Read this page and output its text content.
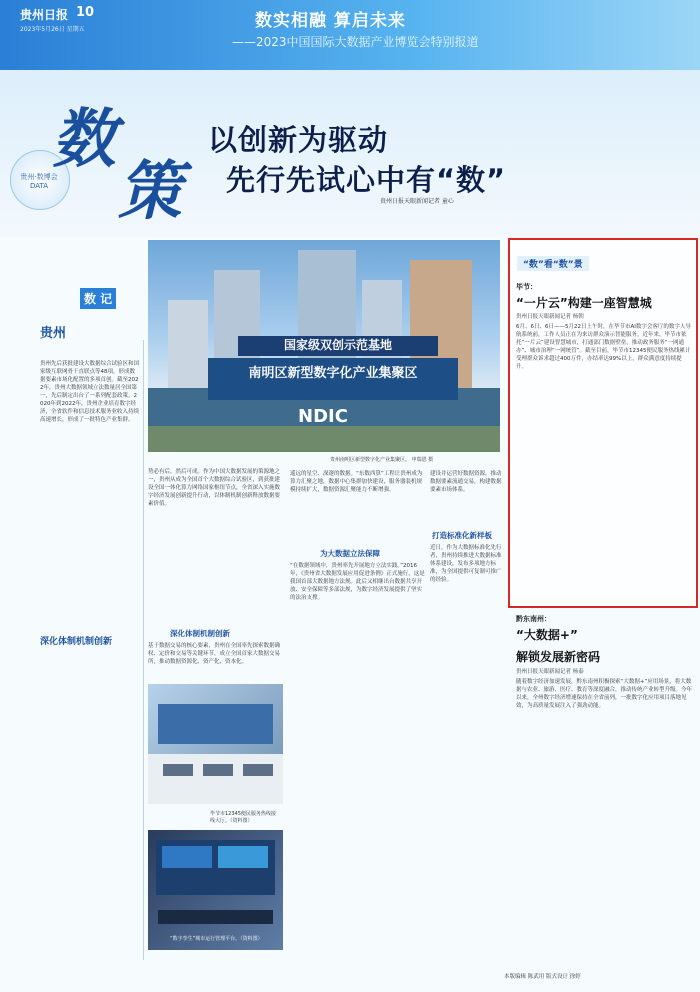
贵州日报 10
2023年5月26日 星期五	数实相融 算启未来
——2023中国国际大数据产业博览会特别报道
贵州·数博会 DATA
数
策
以创新为驱动
先行先试心中有“数”
贵州日报天眼新闻记者 童心
国家级双创示范基地
南明区新型数字化产业集聚区
NDIC
贵州南明区新型数字化产业集聚区。 申瑞恩 摄
数 记
贵州
贵州先后获批建设大数据综合试验区和国家级互联网骨干直联点等48项，形成数据要素市场化配置的多项首创。截至2022年，贵州大数据领域立法数量居全国第一，先后制定出台了一系列配套政策。2020年到2022年，贵州企业培育数字经济，全省软件和信息技术服务业收入持续高速增长，形成了一批特色产业集群。
深化体制机制创新
势必有后，然后可成。作为中国大数据发展的策源地之一，贵州从成为全国首个大数据综合试验区，到获批建设全国一体化算力网络国家枢纽节点，全省深入实施数字经济发展创新提升行动，以体制机制创新释放数据要素价值。
深化体制机制创新
基于数据交易的核心要素，贵州在全国率先探索数据确权、定价和交易等关键环节，成立全国首家大数据交易所，推动数据资源化、资产化、资本化。
毕节市12345便民服务热线接线大厅。（资料图）
“数字孪生”城市运行管理平台。（资料图）
遥远的星空、深邃的数据。“东数西算”工程让贵州成为算力汇聚之地，数据中心集群加快建设，服务器装机规模持续扩大，数据资源汇聚能力不断增强。
为大数据立法保障
“在数据领域中，贵州率先开展地方立法实践。”2016年，《贵州省大数据发展应用促进条例》正式施行，这是我国首部大数据地方法规。此后又相继出台数据共享开放、安全保障等多部法规，为数字经济发展提供了坚实的法治支撑。
建设并运营好数据资源，推动数据要素流通交易，构建数据要素市场体系。
打造标准化新样板
近日，作为大数据标准化先行者，贵州持续推进大数据标准体系建设，发布多项地方标准，为全国提供可复制可推广的经验。
“数”看“数”景
毕节：
“一片云”构建一座智慧城
贵州日报天眼新闻记者 杨朝
6月、6日、6日——5月22日上午时，在毕节市AI数字会客厅的数字人导航系统前，工作人员正在为来访群众演示智能服务。近年来，毕节市依托“一片云”建设智慧城市，打通部门数据壁垒，推动政务服务“一网通办”、城市治理“一网统管”。截至目前，毕节市12345便民服务热线累计受理群众诉求超过400万件，办结率达99%以上，群众满意度持续提升。
黔东南州：
“大数据+”
解锁发展新密码
贵州日报天眼新闻记者 杨泰
随着数字经济加速发展，黔东南州积极探索“大数据+”应用场景，将大数据与农业、旅游、医疗、教育等深度融合，推动传统产业转型升级。今年以来，全州数字经济增速保持在全省前列，一批数字化应用项目落地见效，为高质量发展注入了强劲动能。
本版编辑 陈武用 版式设计 徐婷
